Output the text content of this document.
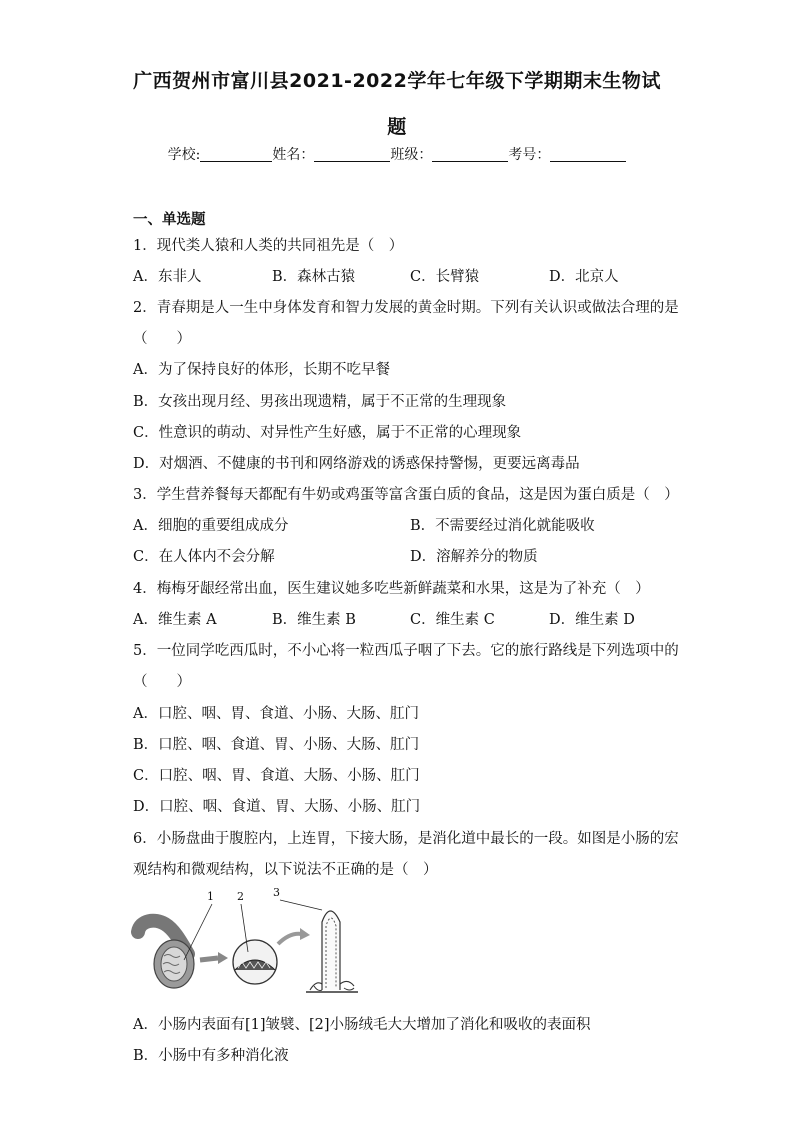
广西贺州市富川县2021-2022学年七年级下学期期末生物试
题
学校:	姓名：	班级：	考号：
一、单选题
1．现代类人猿和人类的共同祖先是（　）
A．东非人	B．森林古猿	C．长臂猿	D．北京人
2．青春期是人一生中身体发育和智力发展的黄金时期。下列有关认识或做法合理的是
（　　）
A．为了保持良好的体形，长期不吃早餐
B．女孩出现月经、男孩出现遗精，属于不正常的生理现象
C．性意识的萌动、对异性产生好感，属于不正常的心理现象
D．对烟酒、不健康的书刊和网络游戏的诱惑保持警惕，更要远离毒品
3．学生营养餐每天都配有牛奶或鸡蛋等富含蛋白质的食品，这是因为蛋白质是（　）
A．细胞的重要组成成分	B．不需要经过消化就能吸收
C．在人体内不会分解	D．溶解养分的物质
4．梅梅牙龈经常出血，医生建议她多吃些新鲜蔬菜和水果，这是为了补充（　）
A．维生素 A	B．维生素 B	C．维生素 C	D．维生素 D
5．一位同学吃西瓜时，不小心将一粒西瓜子咽了下去。它的旅行路线是下列选项中的
（　　）
A．口腔、咽、胃、食道、小肠、大肠、肛门
B．口腔、咽、食道、胃、小肠、大肠、肛门
C．口腔、咽、胃、食道、大肠、小肠、肛门
D．口腔、咽、食道、胃、大肠、小肠、肛门
6．小肠盘曲于腹腔内，上连胃，下接大肠，是消化道中最长的一段。如图是小肠的宏
观结构和微观结构，以下说法不正确的是（　）
1 2	3
A．小肠内表面有[1]皱襞、[2]小肠绒毛大大增加了消化和吸收的表面积
B．小肠中有多种消化液
